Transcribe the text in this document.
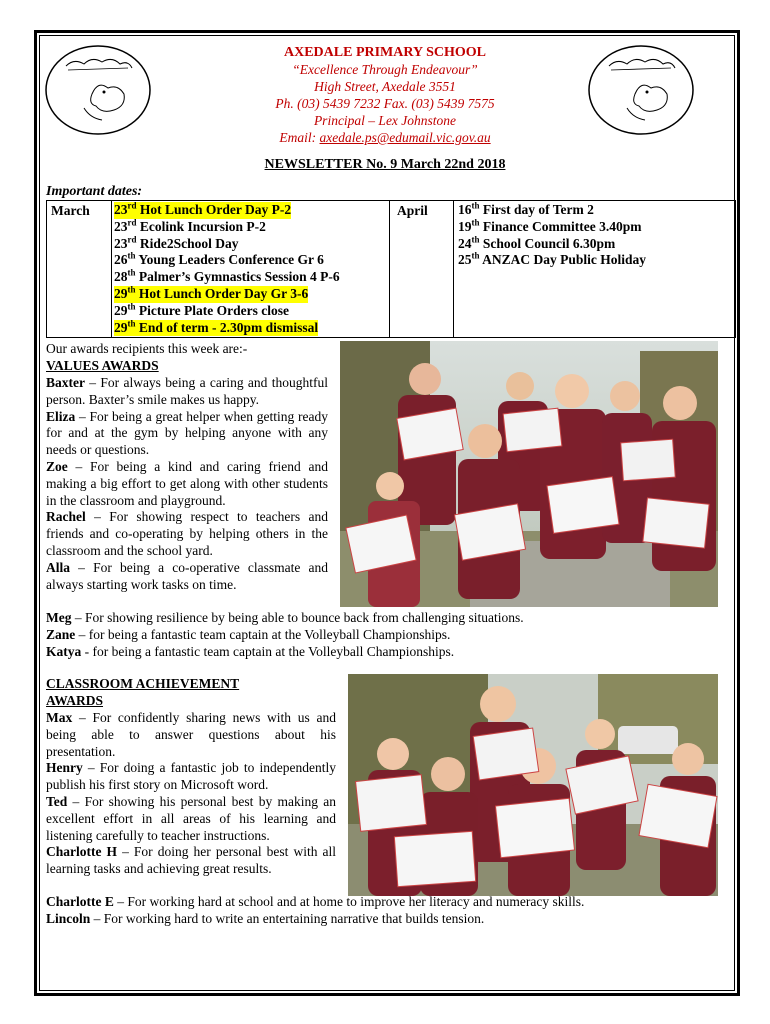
AXEDALE PRIMARY SCHOOL
“Excellence Through Endeavour”
High Street, Axedale 3551
Ph. (03) 5439 7232 Fax. (03) 5439 7575
Principal – Lex Johnstone
Email: axedale.ps@edumail.vic.gov.au
NEWSLETTER No. 9 March 22nd 2018
Important dates:
March	23rd Hot Lunch Order Day P-2
23rd Ecolink Incursion P-2
23rd Ride2School Day
26th Young Leaders Conference Gr 6
28th Palmer’s Gymnastics Session 4 P-6
29th Hot Lunch Order Day Gr 3-6
29th Picture Plate Orders close
29th End of term - 2.30pm dismissal
	April	16th First day of Term 2
19th Finance Committee 3.40pm
24th School Council 6.30pm
25th ANZAC Day Public Holiday
Our awards recipients this week are:-
VALUES AWARDS
Baxter – For always being a caring and thoughtful person. Baxter’s smile makes us happy.
Eliza – For being a great helper when getting ready for and at the gym by helping anyone with any needs or questions.
Zoe – For being a kind and caring friend and making a big effort to get along with other students in the classroom and playground.
Rachel – For showing respect to teachers and friends and co-operating by helping others in the classroom and the school yard.
Alla – For being a co-operative classmate and always starting work tasks on time.
Meg – For showing resilience by being able to bounce back from challenging situations.
Zane – for being a fantastic team captain at the Volleyball Championships.
Katya - for being a fantastic team captain at the Volleyball Championships.
CLASSROOM ACHIEVEMENT AWARDS
Max – For confidently sharing news with us and being able to answer questions about his presentation.
Henry – For doing a fantastic job to independently publish his first story on Microsoft word.
Ted – For showing his personal best by making an excellent effort in all areas of his learning and listening carefully to teacher instructions.
Charlotte H – For doing her personal best with all learning tasks and achieving great results.
Charlotte E – For working hard at school and at home to improve her literacy and numeracy skills.
Lincoln – For working hard to write an entertaining narrative that builds tension.
